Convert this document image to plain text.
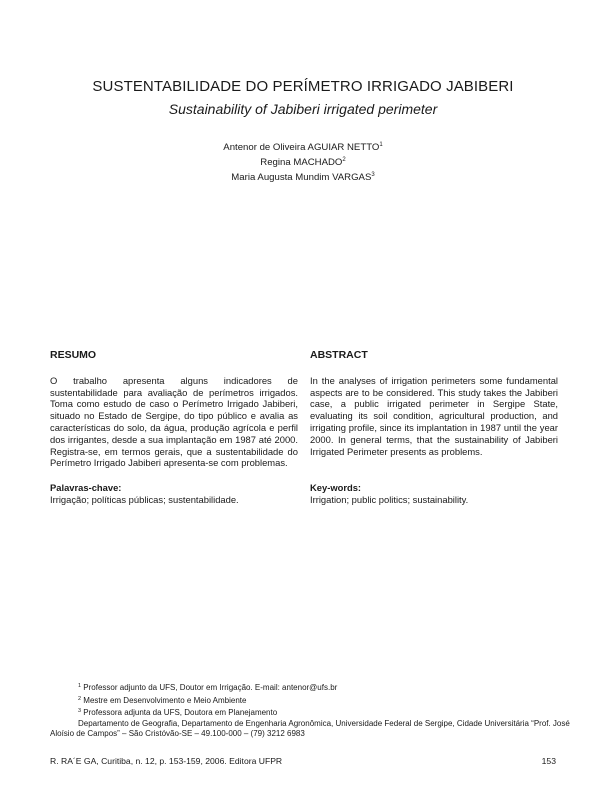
SUSTENTABILIDADE DO PERÍMETRO IRRIGADO JABIBERI
Sustainability of Jabiberi irrigated perimeter
Antenor de Oliveira AGUIAR NETTO$^1$
Regina MACHADO$^2$
Maria Augusta Mundim VARGAS$^3$
RESUMO
O trabalho apresenta alguns indicadores de sustentabilidade para avaliação de perímetros irrigados. Toma como estudo de caso o Perímetro Irrigado Jabiberi, situado no Estado de Sergipe, do tipo público e avalia as características do solo, da água, produção agrícola e perfil dos irrigantes, desde a sua implantação em 1987 até 2000. Registra-se, em termos gerais, que a sustentabilidade do Perímetro Irrigado Jabiberi apresenta-se com problemas.
Palavras-chave:
Irrigação; políticas públicas; sustentabilidade.
ABSTRACT
In the analyses of irrigation perimeters some fundamental aspects are to be considered. This study takes the Jabiberi case, a public irrigated perimeter in Sergipe State, evaluating its soil condition, agricultural production, and irrigating profile, since its implantation in 1987 until the year 2000. In general terms, that the sustainability of Jabiberi Irrigated Perimeter presents as problems.
Key-words:
Irrigation; public politics; sustainability.
$^1$ Professor adjunto da UFS, Doutor em Irrigação. E-mail: antenor@ufs.br
$^2$ Mestre em Desenvolvimento e Meio Ambiente
$^3$ Professora adjunta da UFS, Doutora em Planejamento
Departamento de Geografia, Departamento de Engenharia Agronômica, Universidade Federal de Sergipe, Cidade Universitária “Prof. José Aloísio de Campos” – São Cristóvão-SE – 49.100-000 – (79) 3212 6983
R. RA´E GA, Curitiba, n. 12, p. 153-159, 2006. Editora UFPR	153
